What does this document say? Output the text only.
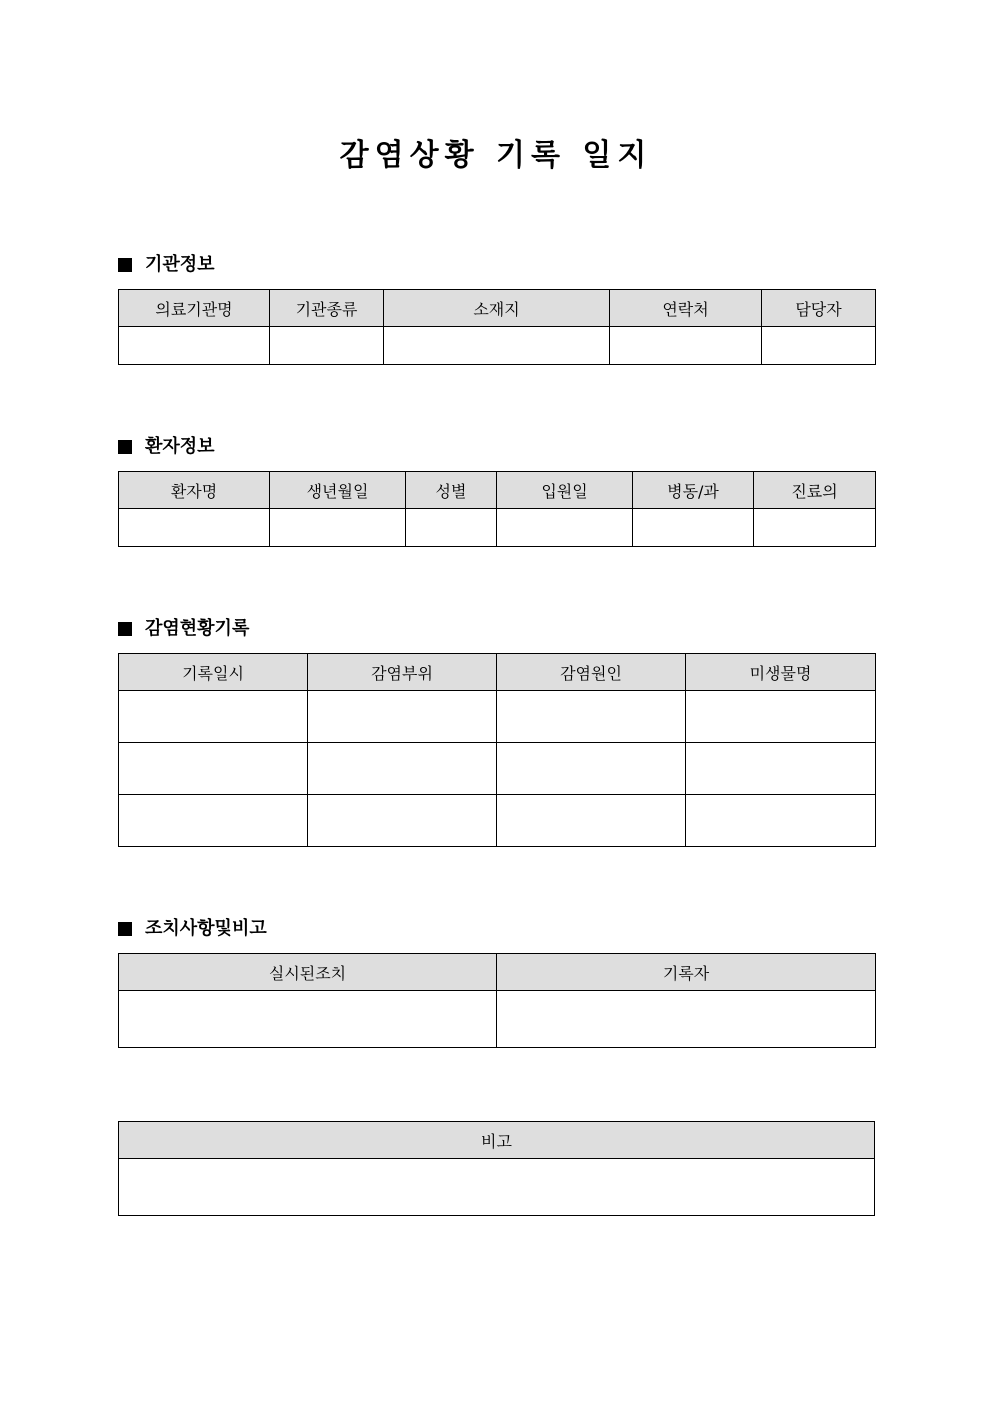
감염상황 기록 일지
기관정보
의료기관명	기관종류	소재지	연락처	담당자

환자정보
환자명	생년월일	성별	입원일	병동/과	진료의

감염현황기록
기록일시	감염부위	감염원인	미생물명

조치사항및비고
실시된조치	기록자

비고
